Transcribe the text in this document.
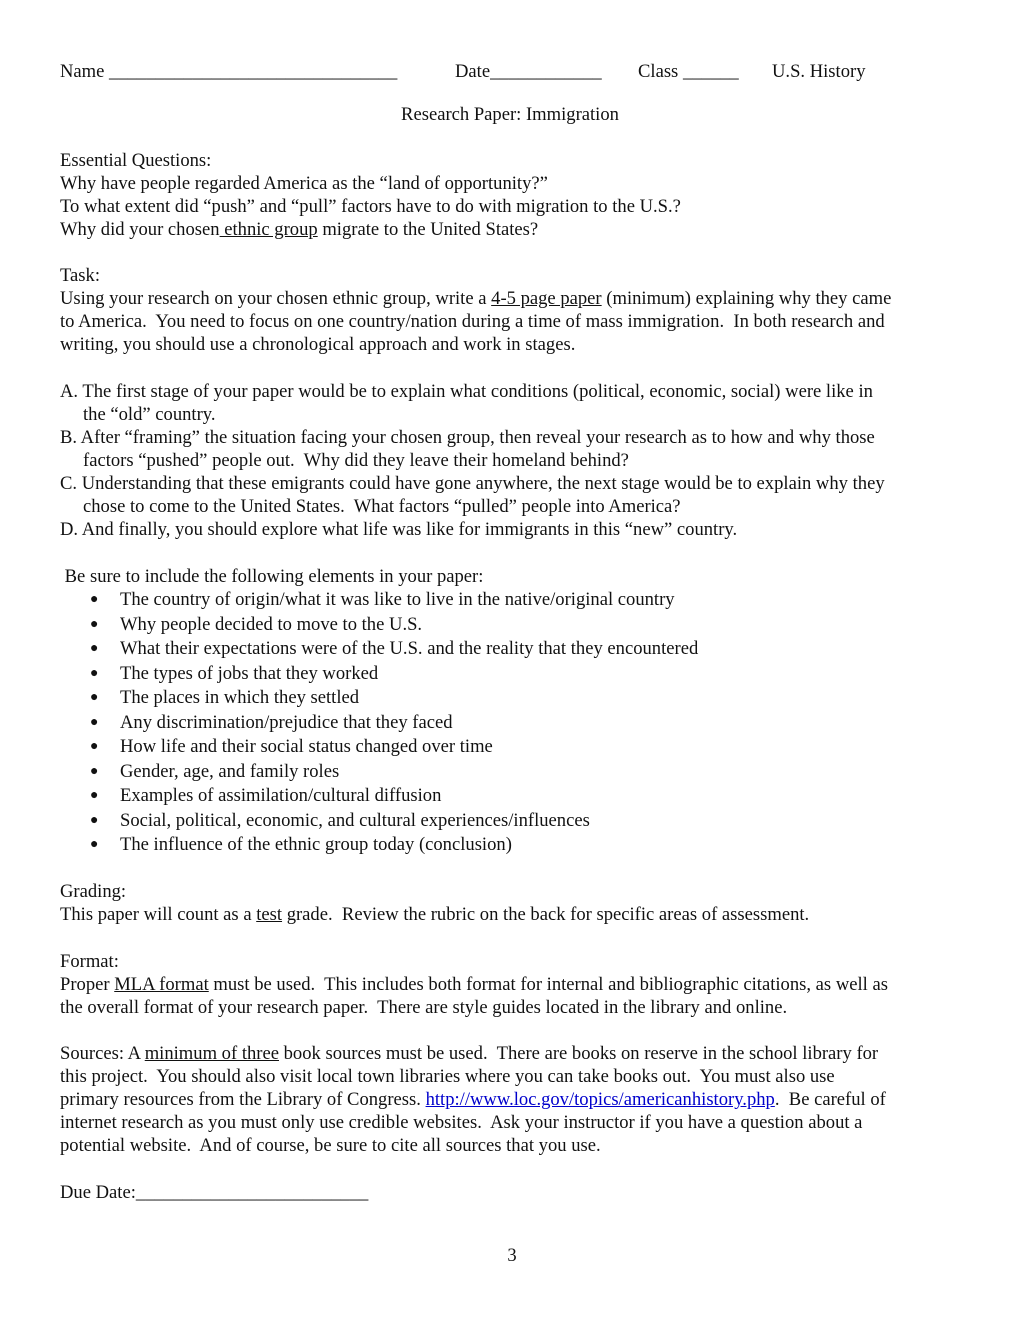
Name _______________________________	Date____________ Class ______ U.S. History
Research Paper: Immigration
Essential Questions:
Why have people regarded America as the “land of opportunity?”
To what extent did “push” and “pull” factors have to do with migration to the U.S.?
Why did your chosen ethnic group migrate to the United States?
Task:
Using your research on your chosen ethnic group, write a 4-5 page paper (minimum) explaining why they came
to America.  You need to focus on one country/nation during a time of mass immigration.  In both research and
writing, you should use a chronological approach and work in stages.
A. The first stage of your paper would be to explain what conditions (political, economic, social) were like in
the “old” country.
B. After “framing” the situation facing your chosen group, then reveal your research as to how and why those
factors “pushed” people out.  Why did they leave their homeland behind?
C. Understanding that these emigrants could have gone anywhere, the next stage would be to explain why they
chose to come to the United States.  What factors “pulled” people into America?
D. And finally, you should explore what life was like for immigrants in this “new” country.
Be sure to include the following elements in your paper:
● The country of origin/what it was like to live in the native/original country
● Why people decided to move to the U.S.
● What their expectations were of the U.S. and the reality that they encountered
● The types of jobs that they worked
● The places in which they settled
● Any discrimination/prejudice that they faced
● How life and their social status changed over time
● Gender, age, and family roles
● Examples of assimilation/cultural diffusion
● Social, political, economic, and cultural experiences/influences
● The influence of the ethnic group today (conclusion)
Grading:
This paper will count as a test grade.  Review the rubric on the back for specific areas of assessment.
Format:
Proper MLA format must be used.  This includes both format for internal and bibliographic citations, as well as
the overall format of your research paper.  There are style guides located in the library and online.
Sources: A minimum of three book sources must be used.  There are books on reserve in the school library for
this project.  You should also visit local town libraries where you can take books out.  You must also use
primary resources from the Library of Congress. http://www.loc.gov/topics/americanhistory.php.  Be careful of
internet research as you must only use credible websites.  Ask your instructor if you have a question about a
potential website.  And of course, be sure to cite all sources that you use.
Due Date:_________________________
3
